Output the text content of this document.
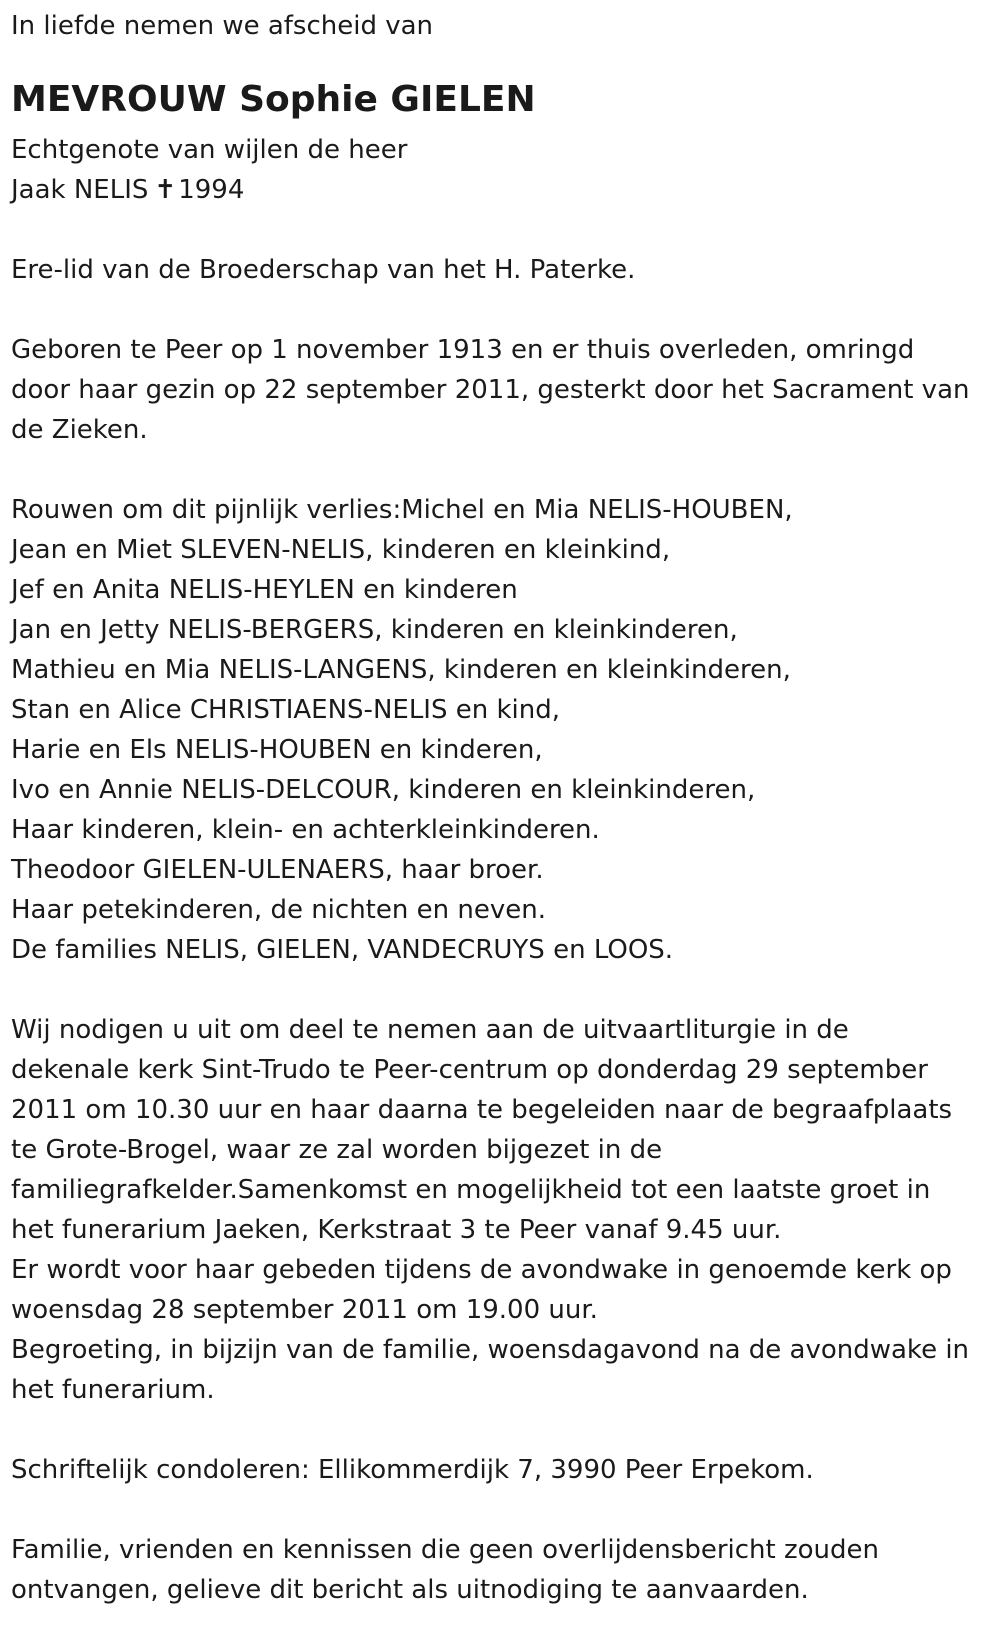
In liefde nemen we afscheid van

MEVROUW Sophie GIELEN

Echtgenote van wijlen de heer

Jaak NELIS ✝1994

Ere-lid van de Broederschap van het H. Paterke.

Geboren te Peer op 1 november 1913 en er thuis overleden, omringd

door haar gezin op 22 september 2011, gesterkt door het Sacrament van

de Zieken.

Rouwen om dit pijnlijk verlies:Michel en Mia NELIS-HOUBEN,

Jean en Miet SLEVEN-NELIS, kinderen en kleinkind,

Jef en Anita NELIS-HEYLEN en kinderen

Jan en Jetty NELIS-BERGERS, kinderen en kleinkinderen,

Mathieu en Mia NELIS-LANGENS, kinderen en kleinkinderen,

Stan en Alice CHRISTIAENS-NELIS en kind,

Harie en Els NELIS-HOUBEN en kinderen,

Ivo en Annie NELIS-DELCOUR, kinderen en kleinkinderen,

Haar kinderen, klein- en achterkleinkinderen.

Theodoor GIELEN-ULENAERS, haar broer.

Haar petekinderen, de nichten en neven.

De families NELIS, GIELEN, VANDECRUYS en LOOS.

Wij nodigen u uit om deel te nemen aan de uitvaartliturgie in de

dekenale kerk Sint-Trudo te Peer-centrum op donderdag 29 september

2011 om 10.30 uur en haar daarna te begeleiden naar de begraafplaats

te Grote-Brogel, waar ze zal worden bijgezet in de

familiegrafkelder.Samenkomst en mogelijkheid tot een laatste groet in

het funerarium Jaeken, Kerkstraat 3 te Peer vanaf 9.45 uur.

Er wordt voor haar gebeden tijdens de avondwake in genoemde kerk op

woensdag 28 september 2011 om 19.00 uur.

Begroeting, in bijzijn van de familie, woensdagavond na de avondwake in

het funerarium.

Schriftelijk condoleren: Ellikommerdijk 7, 3990 Peer Erpekom.

Familie, vrienden en kennissen die geen overlijdensbericht zouden

ontvangen, gelieve dit bericht als uitnodiging te aanvaarden.
